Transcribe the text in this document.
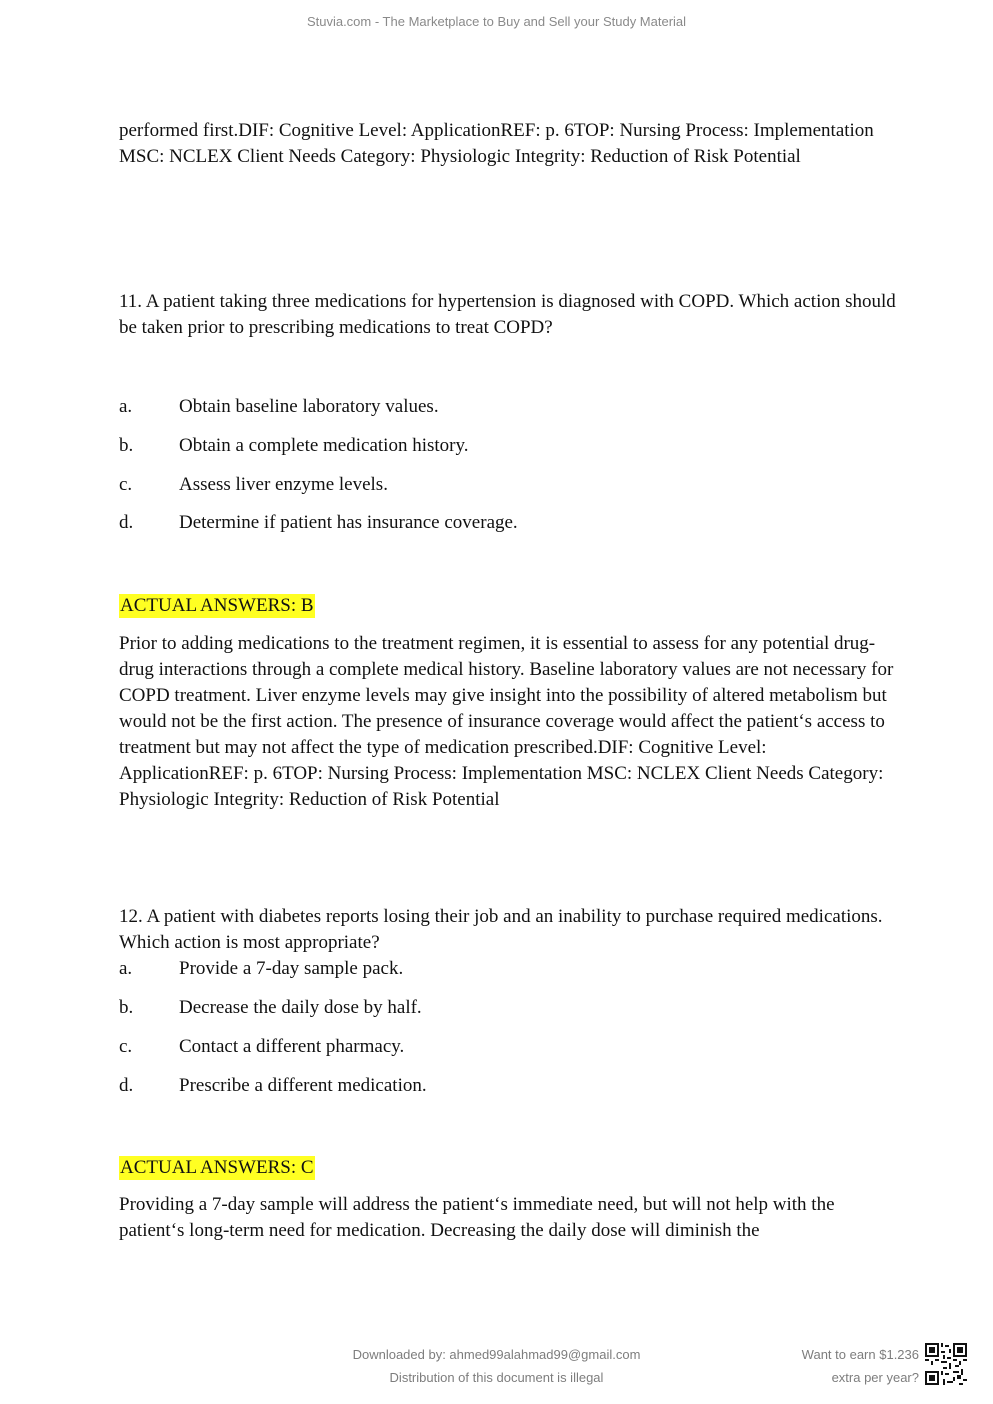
Stuvia.com - The Marketplace to Buy and Sell your Study Material

performed first.DIF: Cognitive Level: ApplicationREF: p. 6TOP: Nursing Process: Implementation MSC: NCLEX Client Needs Category: Physiologic Integrity: Reduction of Risk Potential

11. A patient taking three medications for hypertension is diagnosed with COPD. Which action should be taken prior to prescribing medications to treat COPD?

a. Obtain baseline laboratory values.
b. Obtain a complete medication history.
c. Assess liver enzyme levels.
d. Determine if patient has insurance coverage.
ACTUAL ANSWERS: B

Prior to adding medications to the treatment regimen, it is essential to assess for any potential drug- drug interactions through a complete medical history. Baseline laboratory values are not necessary for COPD treatment. Liver enzyme levels may give insight into the possibility of altered metabolism but would not be the first action. The presence of insurance coverage would affect the patient‘s access to treatment but may not affect the type of medication prescribed.DIF: Cognitive Level: ApplicationREF: p. 6TOP: Nursing Process: Implementation MSC: NCLEX Client Needs Category: Physiologic Integrity: Reduction of Risk Potential

12. A patient with diabetes reports losing their job and an inability to purchase required medications. Which action is most appropriate?

a. Provide a 7-day sample pack.
b. Decrease the daily dose by half.
c. Contact a different pharmacy.
d. Prescribe a different medication.
ACTUAL ANSWERS: C

Providing a 7-day sample will address the patient‘s immediate need, but will not help with the patient‘s long-term need for medication. Decreasing the daily dose will diminish the

Downloaded by: ahmed99alahmad99@gmail.com
Distribution of this document is illegal
Want to earn $1.236
extra per year?
